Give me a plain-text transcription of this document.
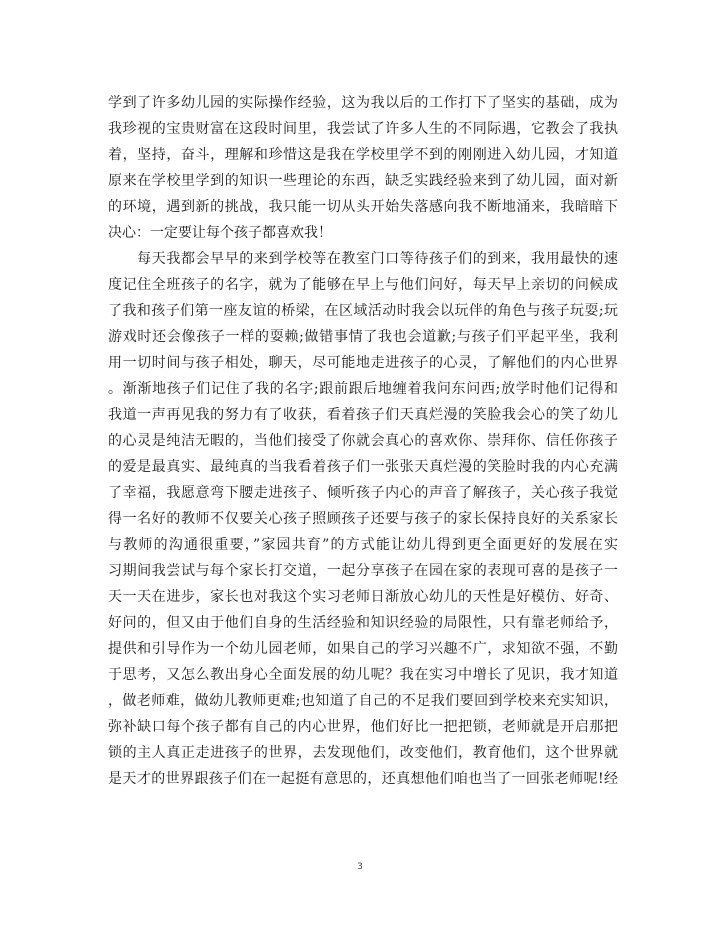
学到了许多幼儿园的实际操作经验，这为我以后的工作打下了坚实的基础，成为
我珍视的宝贵财富在这段时间里，我尝试了许多人生的不同际遇，它教会了我执
着，坚持，奋斗，理解和珍惜这是我在学校里学不到的刚刚进入幼儿园，才知道
原来在学校里学到的知识一些理论的东西，缺乏实践经验来到了幼儿园，面对新
的环境，遇到新的挑战，我只能一切从头开始失落感向我不断地涌来，我暗暗下
决心：一定要让每个孩子都喜欢我！
　　每天我都会早早的来到学校等在教室门口等待孩子们的到来，我用最快的速
度记住全班孩子的名字，就为了能够在早上与他们问好，每天早上亲切的问候成
了我和孩子们第一座友谊的桥梁，在区域活动时我会以玩伴的角色与孩子玩耍;玩
游戏时还会像孩子一样的耍赖;做错事情了我也会道歉;与孩子们平起平坐，我利
用一切时间与孩子相处，聊天，尽可能地走进孩子的心灵，了解他们的内心世界
。渐渐地孩子们记住了我的名字;跟前跟后地缠着我问东问西;放学时他们记得和
我道一声再见我的努力有了收获，看着孩子们天真烂漫的笑脸我会心的笑了幼儿
的心灵是纯洁无暇的，当他们接受了你就会真心的喜欢你、崇拜你、信任你孩子
的爱是最真实、最纯真的当我看着孩子们一张张天真烂漫的笑脸时我的内心充满
了幸福，我愿意弯下腰走进孩子、倾听孩子内心的声音了解孩子，关心孩子我觉
得一名好的教师不仅要关心孩子照顾孩子还要与孩子的家长保持良好的关系家长
与教师的沟通很重要，”家园共育”的方式能让幼儿得到更全面更好的发展在实
习期间我尝试与每个家长打交道，一起分享孩子在园在家的表现可喜的是孩子一
天一天在进步，家长也对我这个实习老师日渐放心幼儿的天性是好模仿、好奇、
好问的，但又由于他们自身的生活经验和知识经验的局限性，只有靠老师给予，
提供和引导作为一个幼儿园老师，如果自己的学习兴趣不广，求知欲不强，不勤
于思考，又怎么教出身心全面发展的幼儿呢？我在实习中增长了见识，我才知道
，做老师难，做幼儿教师更难;也知道了自己的不足我们要回到学校来充实知识，
弥补缺口每个孩子都有自己的内心世界，他们好比一把把锁，老师就是开启那把
锁的主人真正走进孩子的世界，去发现他们，改变他们，教育他们，这个世界就
是天才的世界跟孩子们在一起挺有意思的，还真想他们咱也当了一回张老师呢!经
3
